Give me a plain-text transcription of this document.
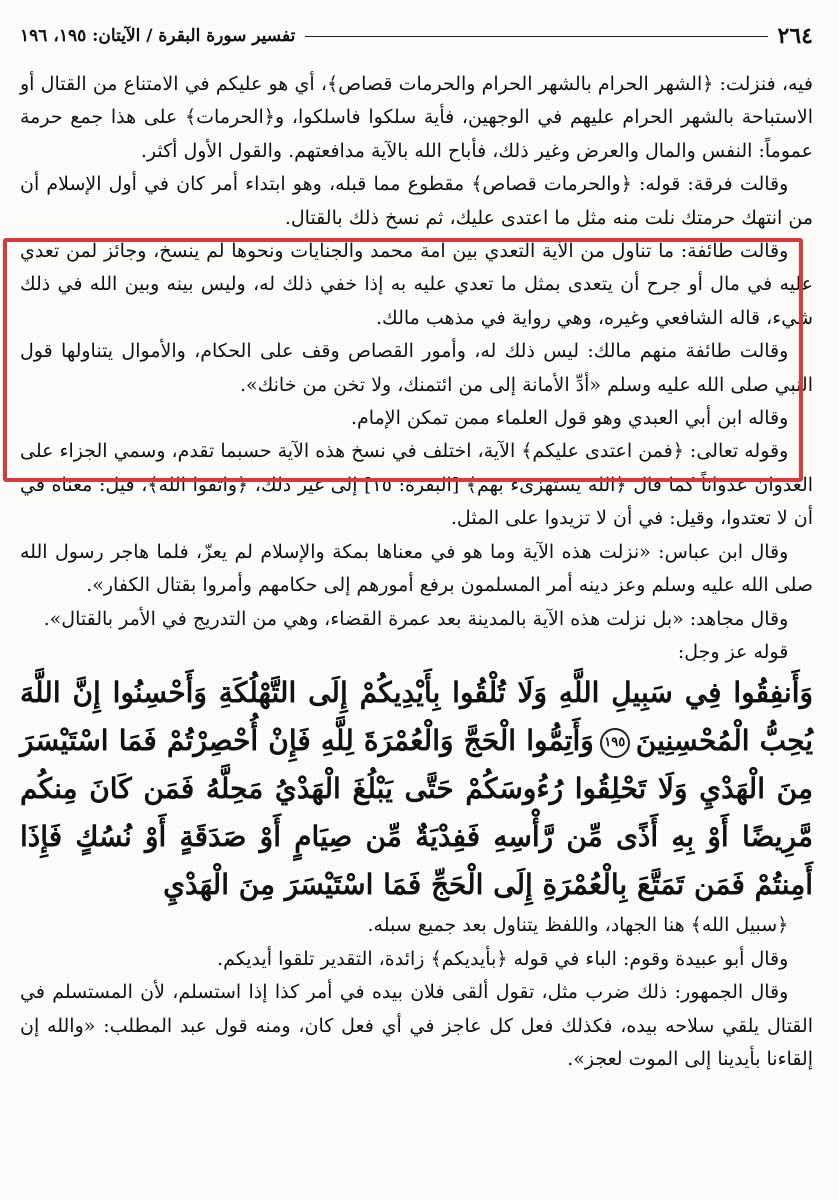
٢٦٤
تفسير سورة البقرة / الآيتان: ١٩٥، ١٩٦

فيه، فنزلت: ﴿الشهر الحرام بالشهر الحرام والحرمات قصاص﴾، أي هو عليكم في الامتناع من القتال أو الاستباحة بالشهر الحرام عليهم في الوجهين، فأية سلكوا فاسلكوا، و﴿الحرمات﴾ على هذا جمع حرمة عموماً: النفس والمال والعرض وغير ذلك، فأباح الله بالآية مدافعتهم. والقول الأول أكثر.

وقالت فرقة: قوله: ﴿والحرمات قصاص﴾ مقطوع مما قبله، وهو ابتداء أمر كان في أول الإسلام أن من انتهك حرمتك نلت منه مثل ما اعتدى عليك، ثم نسخ ذلك بالقتال.

وقالت طائفة: ما تناول من الآية التعدي بين أمة محمد والجنايات ونحوها لم ينسخ، وجائز لمن تعدي عليه في مال أو جرح أن يتعدى بمثل ما تعدي عليه به إذا خفي ذلك له، وليس بينه وبين الله في ذلك شيء، قاله الشافعي وغيره، وهي رواية في مذهب مالك.

وقالت طائفة منهم مالك: ليس ذلك له، وأمور القصاص وقف على الحكام، والأموال يتناولها قول النبي صلى الله عليه وسلم «أدِّ الأمانة إلى من ائتمنك، ولا تخن من خانك».

وقاله ابن أبي العبدي وهو قول العلماء ممن تمكن الإمام.

وقوله تعالى: ﴿فمن اعتدى عليكم﴾ الآية، اختلف في نسخ هذه الآية حسبما تقدم، وسمي الجزاء على العدوان عدواناً كما قال ﴿الله يستهزىء بهم﴾ [البقرة: ١٥] إلى غير ذلك، ﴿واتقوا الله﴾، قيل: معناه في أن لا تعتدوا، وقيل: في أن لا تزيدوا على المثل.

وقال ابن عباس: «نزلت هذه الآية وما هو في معناها بمكة والإسلام لم يعزّ، فلما هاجر رسول الله صلى الله عليه وسلم وعز دينه أمر المسلمون برفع أمورهم إلى حكامهم وأمروا بقتال الكفار».

وقال مجاهد: «بل نزلت هذه الآية بالمدينة بعد عمرة القضاء، وهي من التدريج في الأمر بالقتال».

قوله عز وجل:

وَأَنفِقُوا فِي سَبِيلِ اللَّهِ وَلَا تُلْقُوا بِأَيْدِيكُمْ إِلَى التَّهْلُكَةِ وَأَحْسِنُوا إِنَّ اللَّهَ يُحِبُّ الْمُحْسِنِينَ١٩٥وَأَتِمُّوا الْحَجَّ وَالْعُمْرَةَ لِلَّهِ فَإِنْ أُحْصِرْتُمْ فَمَا اسْتَيْسَرَ مِنَ الْهَدْيِ وَلَا تَحْلِقُوا رُءُوسَكُمْ حَتَّى يَبْلُغَ الْهَدْيُ مَحِلَّهُ فَمَن كَانَ مِنكُم مَّرِيضًا أَوْ بِهِ أَذًى مِّن رَّأْسِهِ فَفِدْيَةٌ مِّن صِيَامٍ أَوْ صَدَقَةٍ أَوْ نُسُكٍ فَإِذَا أَمِنتُمْ فَمَن تَمَتَّعَ بِالْعُمْرَةِ إِلَى الْحَجِّ فَمَا اسْتَيْسَرَ مِنَ الْهَدْيِ

﴿سبيل الله﴾ هنا الجهاد، واللفظ يتناول بعد جميع سبله.

وقال أبو عبيدة وقوم: الباء في قوله ﴿بأيديكم﴾ زائدة، التقدير تلقوا أيديكم.

وقال الجمهور: ذلك ضرب مثل، تقول ألقى فلان بيده في أمر كذا إذا استسلم، لأن المستسلم في القتال يلقي سلاحه بيده، فكذلك فعل كل عاجز في أي فعل كان، ومنه قول عبد المطلب: «والله إن إلقاءنا بأيدينا إلى الموت لعجز».
